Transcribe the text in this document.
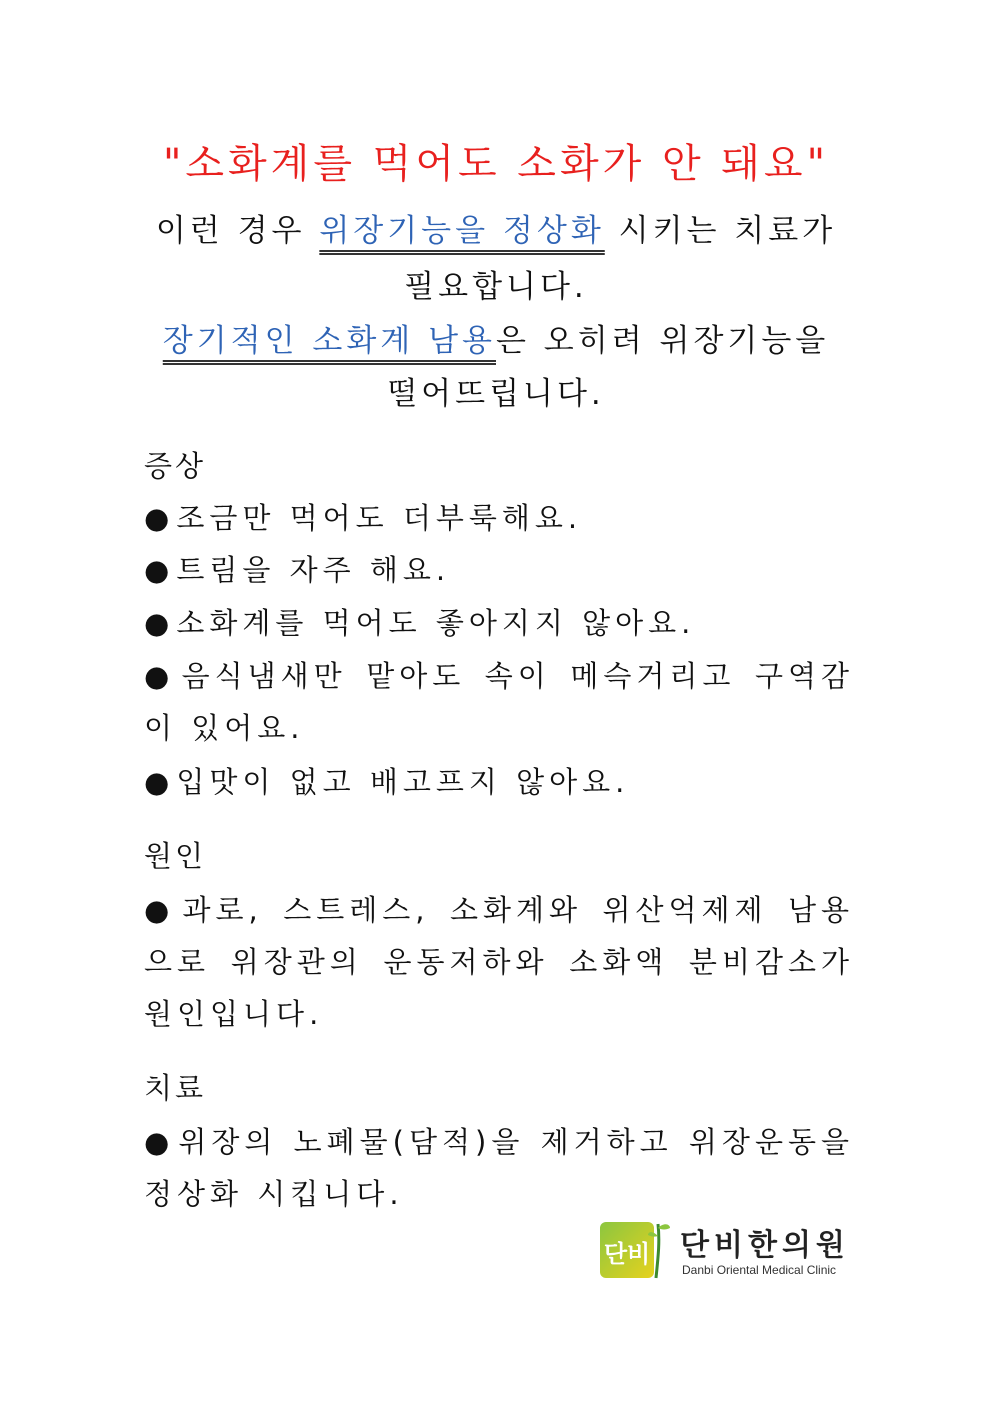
"소화계를 먹어도 소화가 안 돼요"

이런 경우 위장기능을 정상화 시키는 치료가

필요합니다.

장기적인 소화계 남용은 오히려 위장기능을

떨어뜨립니다.

증상

●조금만 먹어도 더부룩해요.

●트림을 자주 해요.

●소화계를 먹어도 좋아지지 않아요.

●음식냄새만 맡아도 속이 메슥거리고 구역감이 있어요.

●입맛이 없고 배고프지 않아요.

원인

●과로, 스트레스, 소화계와 위산억제제 남용으로 위장관의 운동저하와 소화액 분비감소가 원인입니다.

치료

●위장의 노폐물(담적)을 제거하고 위장운동을 정상화 시킵니다.

단비 단비한의원
Danbi Oriental Medical Clinic
